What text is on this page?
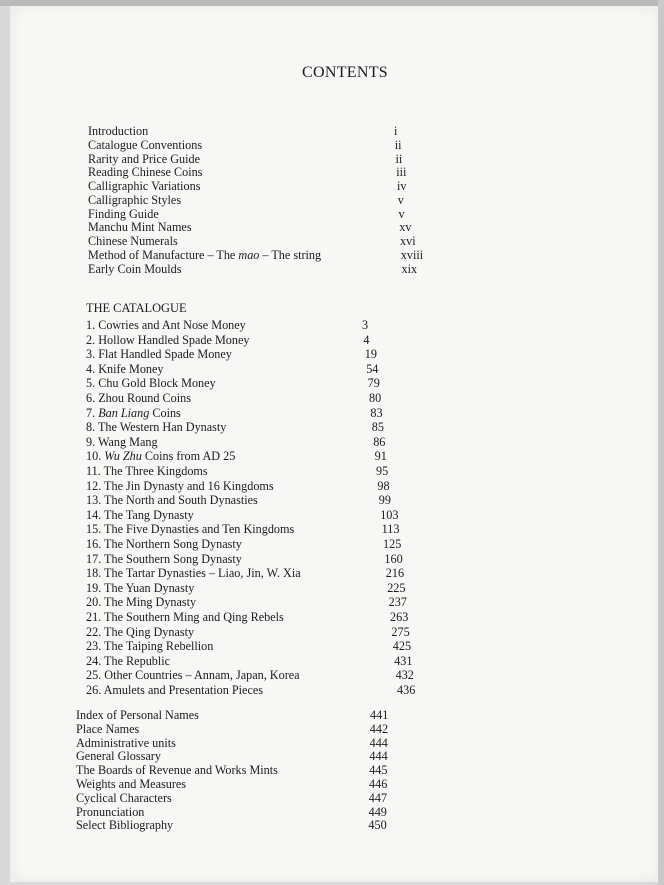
CONTENTS
Introduction	i
Catalogue Conventions	ii
Rarity and Price Guide	ii
Reading Chinese Coins	iii
Calligraphic Variations	iv
Calligraphic Styles	v
Finding Guide	v
Manchu Mint Names	xv
Chinese Numerals	xvi
Method of Manufacture – The mao – The string	xviii
Early Coin Moulds	xix
THE CATALOGUE
1. Cowries and Ant Nose Money	3
2. Hollow Handled Spade Money	4
3. Flat Handled Spade Money	19
4. Knife Money	54
5. Chu Gold Block Money	79
6. Zhou Round Coins	80
7. Ban Liang Coins	83
8. The Western Han Dynasty	85
9. Wang Mang	86
10. Wu Zhu Coins from AD 25	91
11. The Three Kingdoms	95
12. The Jin Dynasty and 16 Kingdoms	98
13. The North and South Dynasties	99
14. The Tang Dynasty	103
15. The Five Dynasties and Ten Kingdoms	113
16. The Northern Song Dynasty	125
17. The Southern Song Dynasty	160
18. The Tartar Dynasties – Liao, Jin, W. Xia	216
19. The Yuan Dynasty	225
20. The Ming Dynasty	237
21. The Southern Ming and Qing Rebels	263
22. The Qing Dynasty	275
23. The Taiping Rebellion	425
24. The Republic	431
25. Other Countries – Annam, Japan, Korea	432
26. Amulets and Presentation Pieces	436
Index of Personal Names	441
Place Names	442
Administrative units	444
General Glossary	444
The Boards of Revenue and Works Mints	445
Weights and Measures	446
Cyclical Characters	447
Pronunciation	449
Select Bibliography	450
